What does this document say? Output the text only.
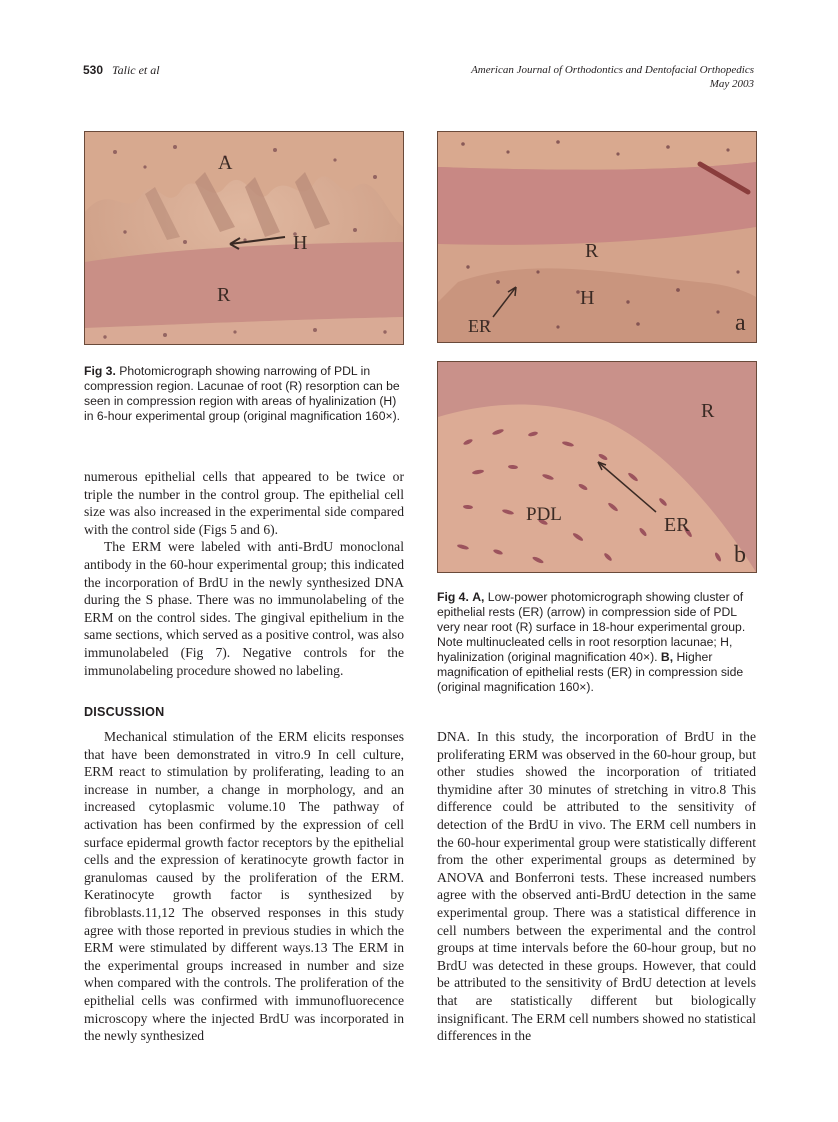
530 Talic et al	American Journal of Orthodontics and Dentofacial Orthopedics
May 2003
A
H
R
Fig 3. Photomicrograph showing narrowing of PDL in compression region. Lacunae of root (R) resorption can be seen in compression region with areas of hyalinization (H) in 6-hour experimental group (original magnification 160×).
R
H
ER	a
R
PDL	ER
b
Fig 4. A, Low-power photomicrograph showing cluster of epithelial rests (ER) (arrow) in compression side of PDL very near root (R) surface in 18-hour experimental group. Note multinucleated cells in root resorption lacunae; H, hyalinization (original magnification 40×). B, Higher magnification of epithelial rests (ER) in compression side (original magnification 160×).

numerous epithelial cells that appeared to be twice or triple the number in the control group. The epithelial cell size was also increased in the experimental side compared with the control side (Figs 5 and 6).

The ERM were labeled with anti-BrdU monoclonal antibody in the 60-hour experimental group; this indicated the incorporation of BrdU in the newly synthesized DNA during the S phase. There was no immunolabeling of the ERM on the control sides. The gingival epithelium in the same sections, which served as a positive control, was also immunolabeled (Fig 7). Negative controls for the immunolabeling procedure showed no labeling.

DISCUSSION

Mechanical stimulation of the ERM elicits responses that have been demonstrated in vitro.9 In cell culture, ERM react to stimulation by proliferating, leading to an increase in number, a change in morphology, and an increased cytoplasmic volume.10 The pathway of activation has been confirmed by the expression of cell surface epidermal growth factor receptors by the epithelial cells and the expression of keratinocyte growth factor in granulomas caused by the proliferation of the ERM. Keratinocyte growth factor is synthesized by fibroblasts.11,12 The observed responses in this study agree with those reported in previous studies in which the ERM were stimulated by different ways.13 The ERM in the experimental groups increased in number and size when compared with the controls. The proliferation of the epithelial cells was confirmed with immunofluorecence microscopy where the injected BrdU was incorporated in the newly synthesized

DNA. In this study, the incorporation of BrdU in the proliferating ERM was observed in the 60-hour group, but other studies showed the incorporation of tritiated thymidine after 30 minutes of stretching in vitro.8 This difference could be attributed to the sensitivity of detection of the BrdU in vivo. The ERM cell numbers in the 60-hour experimental group were statistically different from the other experimental groups as determined by ANOVA and Bonferroni tests. These increased numbers agree with the observed anti-BrdU detection in the same experimental group. There was a statistical difference in cell numbers between the experimental and the control groups at time intervals before the 60-hour group, but no BrdU was detected in these groups. However, that could be attributed to the sensitivity of BrdU detection at levels that are statistically different but biologically insignificant. The ERM cell numbers showed no statistical differences in the
